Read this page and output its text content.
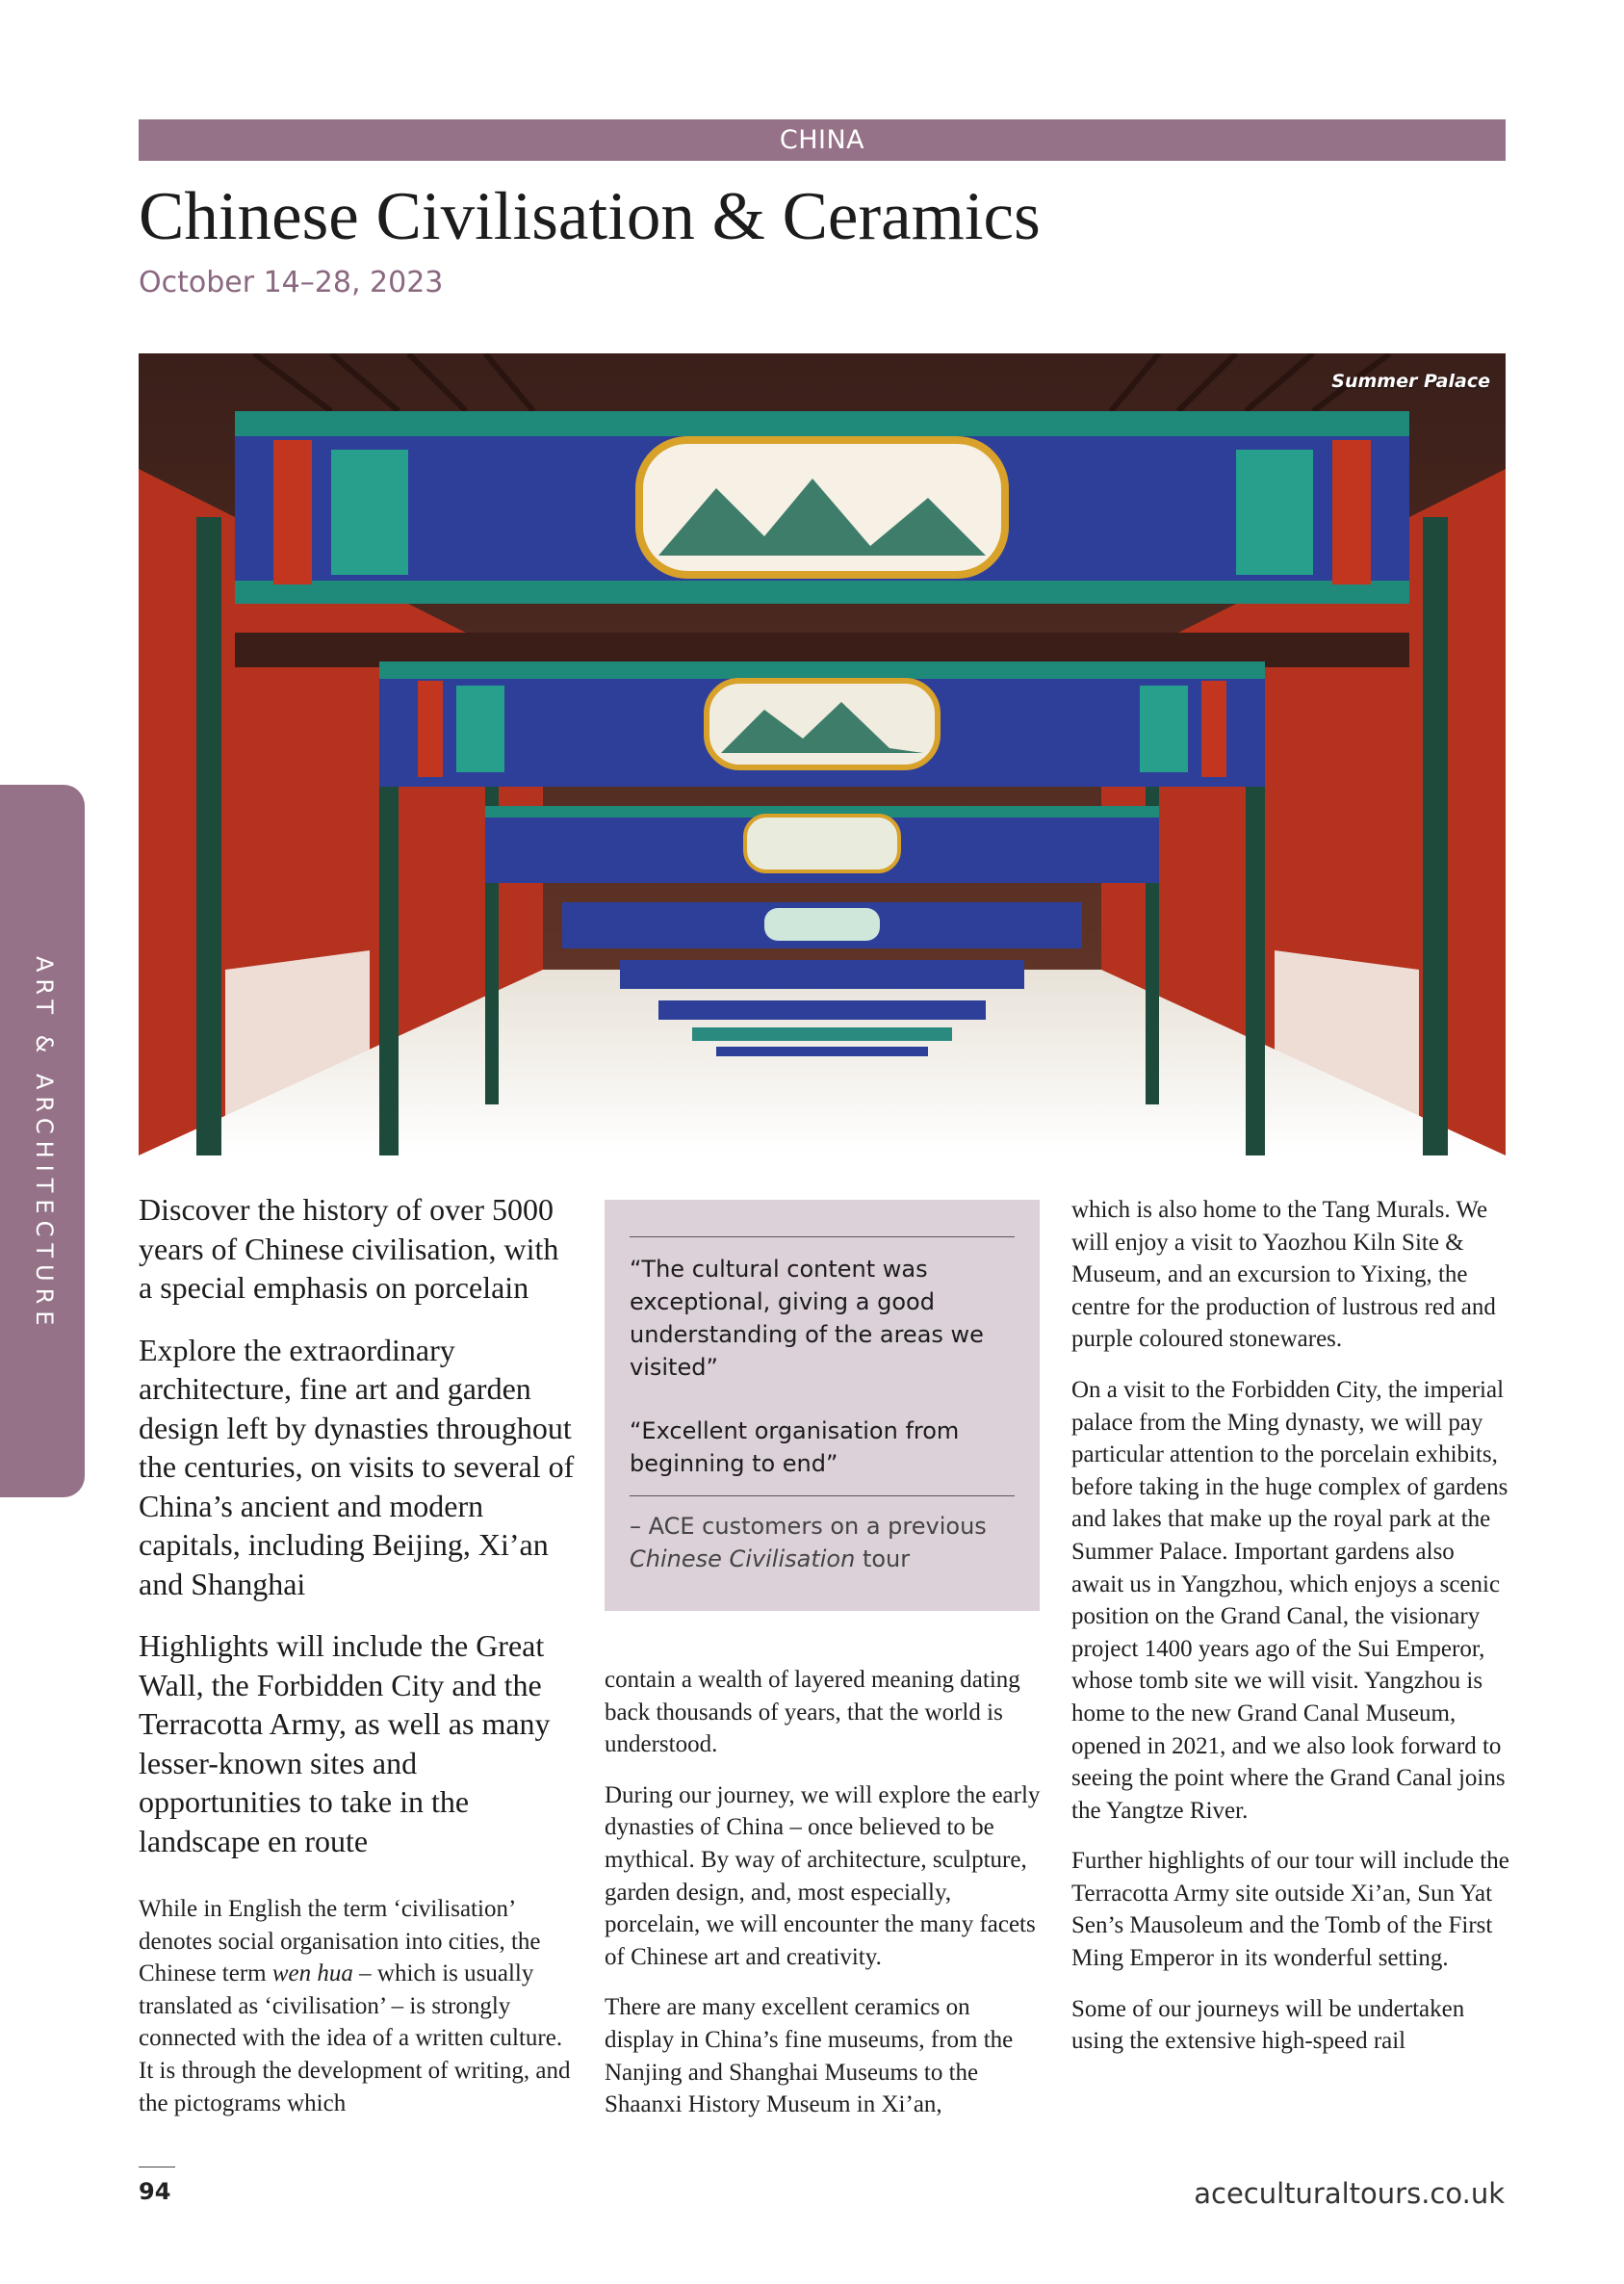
CHINA
Chinese Civilisation & Ceramics
October 14–28, 2023
ART & ARCHITECTURE
Summer Palace

Discover the history of over 5000 years of Chinese civilisation, with a special emphasis on porcelain

Explore the extraordinary architecture, fine art and garden design left by dynasties throughout the centuries, on visits to several of China’s ancient and modern capitals, including Beijing, Xi’an and Shanghai

Highlights will include the Great Wall, the Forbidden City and the Terracotta Army, as well as many lesser-known sites and opportunities to take in the landscape en route

While in English the term ‘civilisation’ denotes social organisation into cities, the Chinese term wen hua – which is usually translated as ‘civilisation’ – is strongly connected with the idea of a written culture. It is through the development of writing, and the pictograms which

“The cultural content was exceptional, giving a good understanding of the areas we visited”

“Excellent organisation from beginning to end”

– ACE customers on a previous Chinese Civilisation tour

contain a wealth of layered meaning dating back thousands of years, that the world is understood.

During our journey, we will explore the early dynasties of China – once believed to be mythical. By way of architecture, sculpture, garden design, and, most especially, porcelain, we will encounter the many facets of Chinese art and creativity.

There are many excellent ceramics on display in China’s fine museums, from the Nanjing and Shanghai Museums to the Shaanxi History Museum in Xi’an,

which is also home to the Tang Murals. We will enjoy a visit to Yaozhou Kiln Site & Museum, and an excursion to Yixing, the centre for the production of lustrous red and purple coloured stonewares.

On a visit to the Forbidden City, the imperial palace from the Ming dynasty, we will pay particular attention to the porcelain exhibits, before taking in the huge complex of gardens and lakes that make up the royal park at the Summer Palace. Important gardens also await us in Yangzhou, which enjoys a scenic position on the Grand Canal, the visionary project 1400 years ago of the Sui Emperor, whose tomb site we will visit. Yangzhou is home to the new Grand Canal Museum, opened in 2021, and we also look forward to seeing the point where the Grand Canal joins the Yangtze River.

Further highlights of our tour will include the Terracotta Army site outside Xi’an, Sun Yat Sen’s Mausoleum and the Tomb of the First Ming Emperor in its wonderful setting.

Some of our journeys will be undertaken using the extensive high-speed rail

94	aceculturaltours.co.uk
